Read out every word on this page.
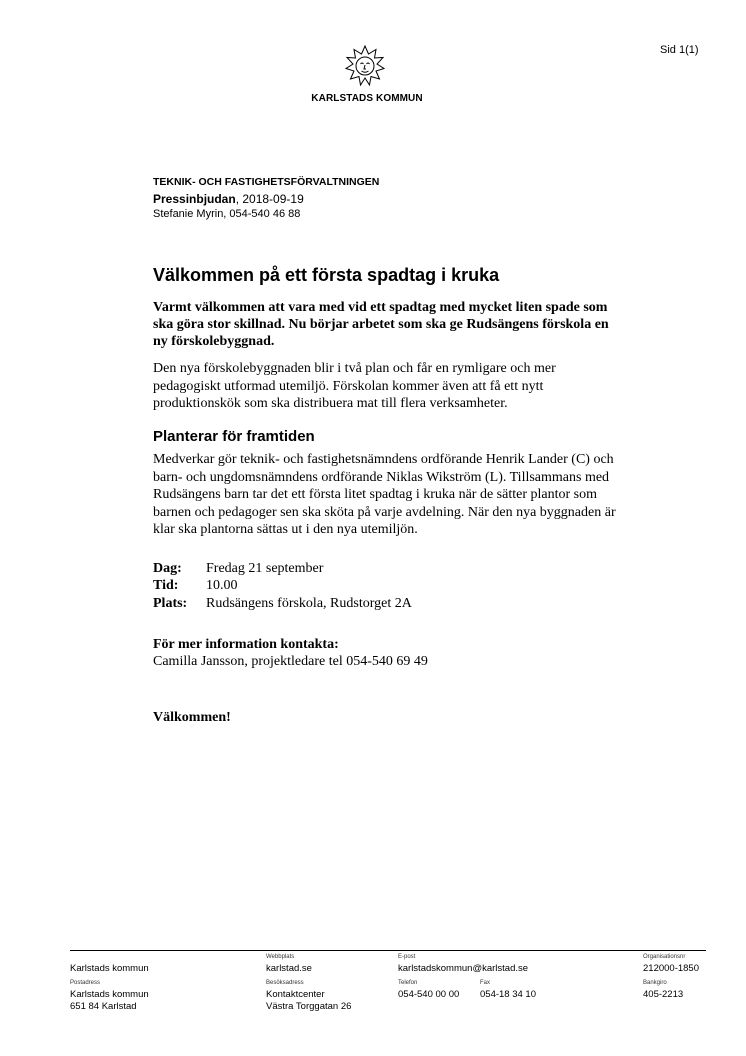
Sid 1(1)
KARLSTADS KOMMUN
TEKNIK- OCH FASTIGHETSFÖRVALTNINGEN
Pressinbjudan, 2018-09-19
Stefanie Myrin, 054-540 46 88
Välkommen på ett första spadtag i kruka
Varmt välkommen att vara med vid ett spadtag med mycket liten spade som ska göra stor skillnad. Nu börjar arbetet som ska ge Rudsängens förskola en ny förskolebyggnad.
Den nya förskolebyggnaden blir i två plan och får en rymligare och mer pedagogiskt utformad utemiljö. Förskolan kommer även att få ett nytt produktionskök som ska distribuera mat till flera verksamheter.
Planterar för framtiden
Medverkar gör teknik- och fastighetsnämndens ordförande Henrik Lander (C) och barn- och ungdomsnämndens ordförande Niklas Wikström (L). Tillsammans med Rudsängens barn tar det ett första litet spadtag i kruka när de sätter plantor som barnen och pedagoger sen ska sköta på varje avdelning. När den nya byggnaden är klar ska plantorna sättas ut i den nya utemiljön.
Dag: Fredag 21 september
Tid: 10.00
Plats: Rudsängens förskola, Rudstorget 2A
För mer information kontakta:
Camilla Jansson, projektledare tel 054-540 69 49
Välkommen!
Karlstads kommun
Webbplats
karlstad.se
E-post
karlstadskommun@karlstad.se
Organisationsnr
212000-1850
Postadress
Karlstads kommun
651 84 Karlstad
Besöksadress
Kontaktcenter
Västra Torggatan 26
Telefon
054-540 00 00
Fax
054-18 34 10
Bankgiro
405-2213
